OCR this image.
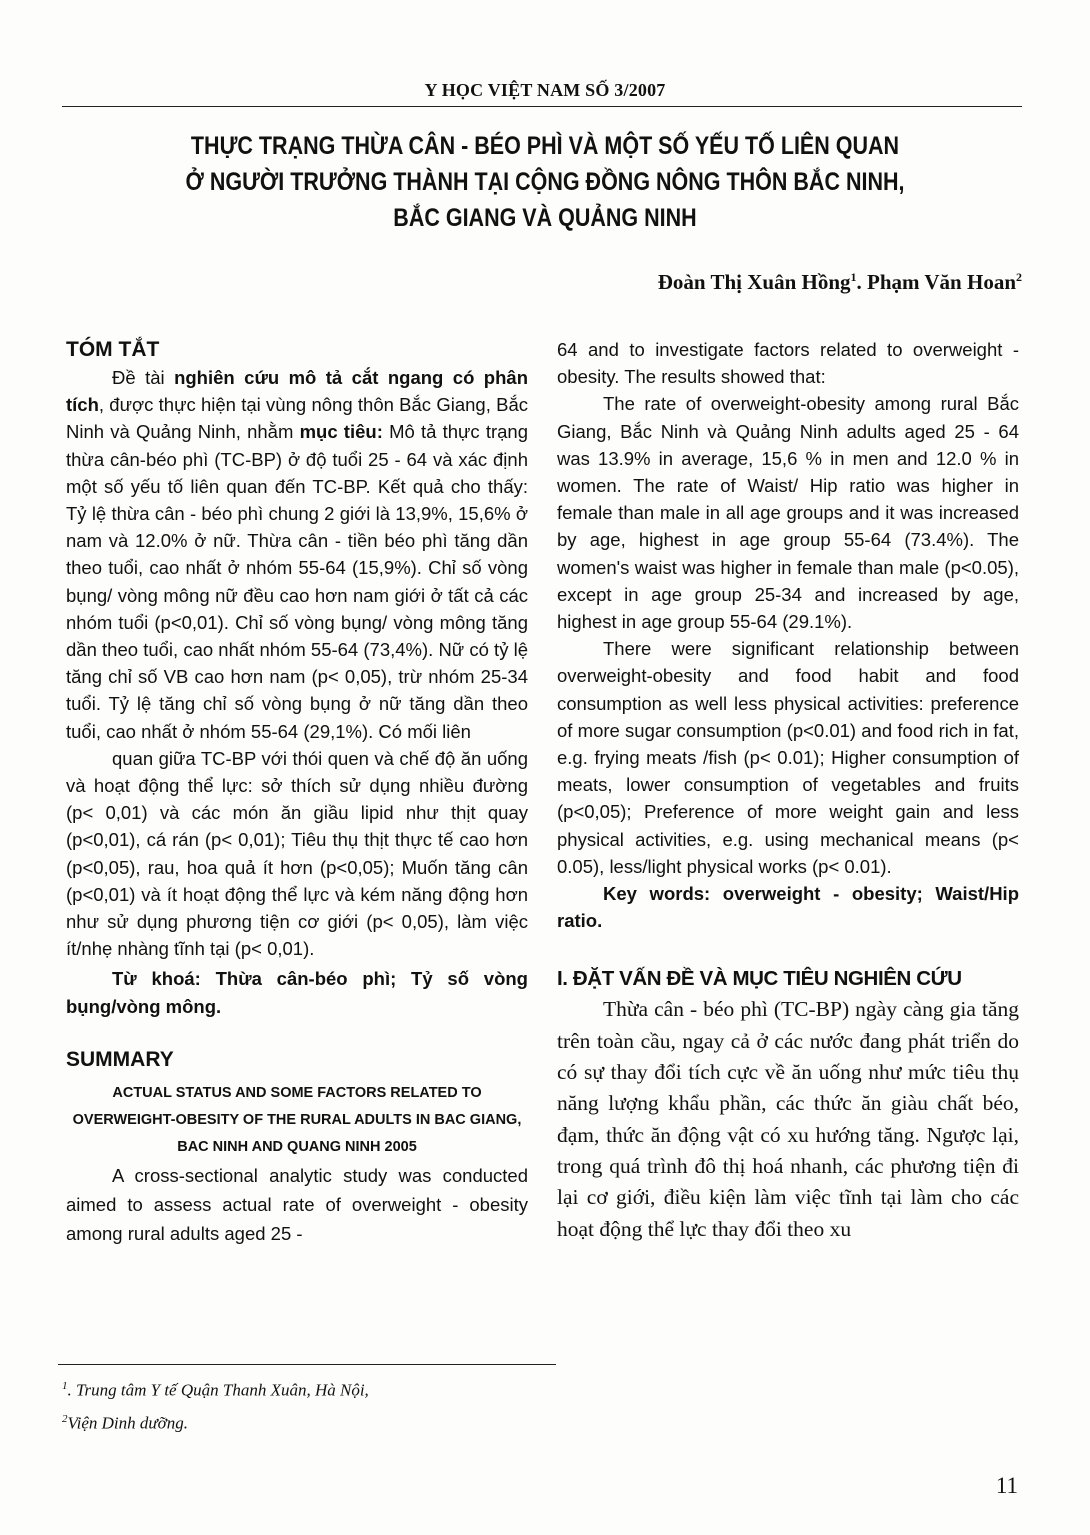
Y HỌC VIỆT NAM SỐ 3/2007
THỰC TRẠNG THỪA CÂN - BÉO PHÌ VÀ MỘT SỐ YẾU TỐ LIÊN QUAN
Ở NGƯỜI TRƯỞNG THÀNH TẠI CỘNG ĐỒNG NÔNG THÔN BẮC NINH,
BẮC GIANG VÀ QUẢNG NINH

Đoàn Thị Xuân Hồng$^1$. Phạm Văn Hoan$^2$

TÓM TẮT

Đề tài nghiên cứu mô tả cắt ngang có phân tích, được thực hiện tại vùng nông thôn Bắc Giang, Bắc Ninh và Quảng Ninh, nhằm mục tiêu: Mô tả thực trạng thừa cân-béo phì (TC-BP) ở độ tuổi 25 - 64 và xác định một số yếu tố liên quan đến TC-BP. Kết quả cho thấy: Tỷ lệ thừa cân - béo phì chung 2 giới là 13,9%, 15,6% ở nam và 12.0% ở nữ. Thừa cân - tiền béo phì tăng dần theo tuổi, cao nhất ở nhóm 55-64 (15,9%). Chỉ số vòng bụng/ vòng mông nữ đều cao hơn nam giới ở tất cả các nhóm tuổi (p<0,01). Chỉ số vòng bụng/ vòng mông tăng dần theo tuổi, cao nhất nhóm 55-64 (73,4%). Nữ có tỷ lệ tăng chỉ số VB cao hơn nam (p< 0,05), trừ nhóm 25-34 tuổi. Tỷ lệ tăng chỉ số vòng bụng ở nữ tăng dần theo tuổi, cao nhất ở nhóm 55-64 (29,1%). Có mối liên

quan giữa TC-BP với thói quen và chế độ ăn uống và hoạt động thể lực: sở thích sử dụng nhiều đường (p< 0,01) và các món ăn giầu lipid như thịt quay (p<0,01), cá rán (p< 0,01); Tiêu thụ thịt thực tế cao hơn (p<0,05), rau, hoa quả ít hơn (p<0,05); Muốn tăng cân (p<0,01) và ít hoạt động thể lực và kém năng động hơn như sử dụng phương tiện cơ giới (p< 0,05), làm việc ít/nhẹ nhàng tĩnh tại (p< 0,01).

Từ khoá: Thừa cân-béo phì; Tỷ số vòng bụng/vòng mông.

SUMMARY

ACTUAL STATUS AND SOME FACTORS RELATED TO OVERWEIGHT-OBESITY OF THE RURAL ADULTS IN BAC GIANG, BAC NINH AND QUANG NINH 2005

A cross-sectional analytic study was conducted aimed to assess actual rate of overweight - obesity among rural adults aged 25 -

64 and to investigate factors related to overweight - obesity. The results showed that:

The rate of overweight-obesity among rural Bắc Giang, Bắc Ninh và Quảng Ninh adults aged 25 - 64 was 13.9% in average, 15,6 % in men and 12.0 % in women. The rate of Waist/ Hip ratio was higher in female than male in all age groups and it was increased by age, highest in age group 55-64 (73.4%). The women's waist was higher in female than male (p<0.05), except in age group 25-34 and increased by age, highest in age group 55-64 (29.1%).

There were significant relationship between overweight-obesity and food habit and food consumption as well less physical activities: preference of more sugar consumption (p<0.01) and food rich in fat, e.g. frying meats /fish (p< 0.01); Higher consumption of meats, lower consumption of vegetables and fruits (p<0,05); Preference of more weight gain and less physical activities, e.g. using mechanical means (p< 0.05), less/light physical works (p< 0.01).

Key words: overweight - obesity; Waist/Hip ratio.

I. ĐẶT VẤN ĐỀ VÀ MỤC TIÊU NGHIÊN CỨU

Thừa cân - béo phì (TC-BP) ngày càng gia tăng trên toàn cầu, ngay cả ở các nước đang phát triển do có sự thay đổi tích cực về ăn uống như mức tiêu thụ năng lượng khẩu phần, các thức ăn giàu chất béo, đạm, thức ăn động vật có xu hướng tăng. Ngược lại, trong quá trình đô thị hoá nhanh, các phương tiện đi lại cơ giới, điều kiện làm việc tĩnh tại làm cho các hoạt động thể lực thay đổi theo xu

$^1$. Trung tâm Y tế Quận Thanh Xuân, Hà Nội,
$^2$Viện Dinh dưỡng.
11
